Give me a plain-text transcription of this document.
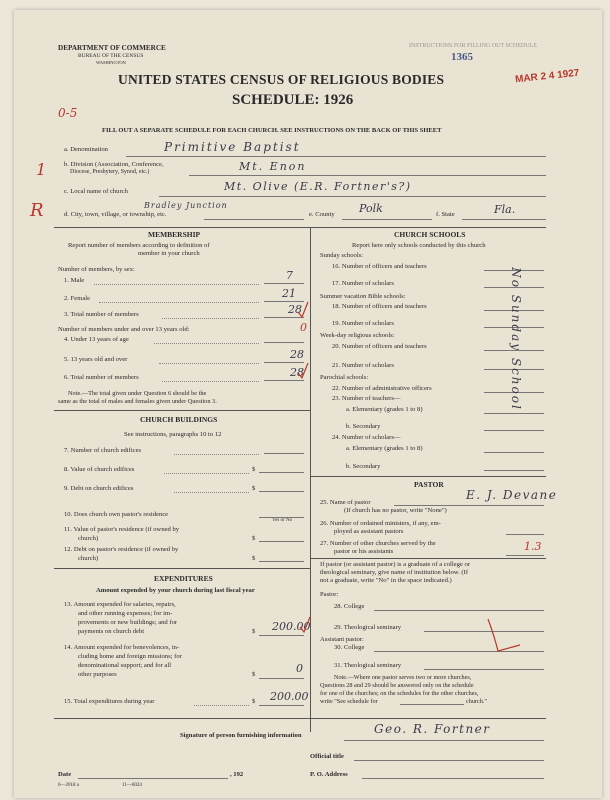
DEPARTMENT OF COMMERCE
BUREAU OF THE CENSUS
WASHINGTON
INSTRUCTIONS FOR FILLING OUT SCHEDULE
1365
MAR 2 4 1927
UNITED STATES CENSUS OF RELIGIOUS BODIES
SCHEDULE: 1926
0-5
FILL OUT A SEPARATE SCHEDULE FOR EACH CHURCH. SEE INSTRUCTIONS ON THE BACK OF THIS SHEET
a. Denomination	Primitive Baptist
b. Division (Association, Conference,
Diocese, Presbytery, Synod, etc.)	Mt. Enon
c. Local name of church	Mt. Olive (E.R. Fortner's?)
Bradley Junction
d. City, town, village, or township, etc.	e. County Polk	f. State	Fla.
1
R
MEMBERSHIP
Report number of members according to definition of
member in your church
Number of members, by sex:
1. Male	7
2. Female	21
3. Total number of members	28
Number of members under and over 13 years old:
4. Under 13 years of age
0
5. 13 years old and over	28
6. Total number of members	28
Note.—The total given under Question 6 should be the
same as the total of males and females given under Question 3.
CHURCH BUILDINGS
See instructions, paragraphs 10 to 12
7. Number of church edifices
8. Value of church edifices	$
9. Debt on church edifices	$
10. Does church own pastor's residence
Yes or No
11. Value of pastor's residence (if owned by
church)	$
12. Debt on pastor's residence (if owned by
church)	$
EXPENDITURES
Amount expended by your church during last fiscal year
13. Amount expended for salaries, repairs,
and other running expenses; for im-
provements or new buildings; and for
payments on church debt	$ 200.00
14. Amount expended for benevolences, in-
cluding home and foreign missions; for
denominational support; and for all
other purposes	$	0
15. Total expenditures during year	$ 200.00
CHURCH SCHOOLS
Report here only schools conducted by this church
Sunday schools:
16. Number of officers and teachers
17. Number of scholars
Summer vacation Bible schools:
18. Number of officers and teachers
19. Number of scholars
Week-day religious schools:
20. Number of officers and teachers
21. Number of scholars
Parochial schools:
22. Number of administrative officers
23. Number of teachers—
a. Elementary (grades 1 to 8)
b. Secondary
24. Number of scholars—
a. Elementary (grades 1 to 8)
b. Secondary
No Sunday School
PASTOR
25. Name of pastor
E. J. Devane
(If church has no pastor, write "None")
26. Number of ordained ministers, if any, em-
ployed as assistant pastors
27. Number of other churches served by the
pastor or his assistants	1.3
If pastor (or assistant pastor) is a graduate of a college or
theological seminary, give name of institution below. (If
not a graduate, write "No" in the space indicated.)
Pastor:
28. College
29. Theological seminary
Assistant pastor:
30. College
31. Theological seminary
Note.—Where one pastor serves two or more churches,
Questions 28 and 29 should be answered only on the schedule
for one of the churches; on the schedules for the other churches,
write "See schedule for	church."
Signature of person furnishing information	Geo. R. Fortner
Official title
Date	, 192	P. O. Address
6—2018 a	11—6024
